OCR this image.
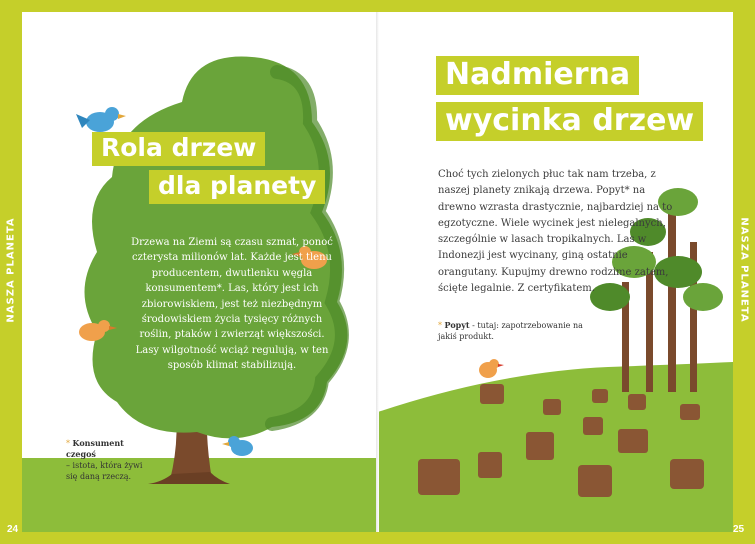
Rola drzew
dla planety
Drzewa na Ziemi są czasu szmat, ponoć czterysta milionów lat. Każde jest tlenu producentem, dwutlenku węgla konsumentem*. Las, który jest ich zbiorowiskiem, jest też niezbędnym środowiskiem życia tysięcy różnych roślin, ptaków i zwierząt większości. Lasy wilgotność wciąż regulują, w ten sposób klimat stabilizują.
* Konsument czegoś
– istota, która żywi się daną rzeczą.
Nadmierna
wycinka drzew
Choć tych zielonych płuc tak nam trzeba, z naszej planety znikają drzewa. Popyt* na drewno wzrasta drastycznie, najbardziej na to egzotyczne. Wiele wycinek jest nielegalnych, szczególnie w lasach tropikalnych. Las w Indonezji jest wycinany, giną ostatnie orangutany. Kupujmy drewno rodzime zatem, ścięte legalnie. Z certyfikatem.
* Popyt - tutaj: zapotrzebowanie na jakiś produkt.
NASZA PLANETA	NASZA PLANETA
24	25
